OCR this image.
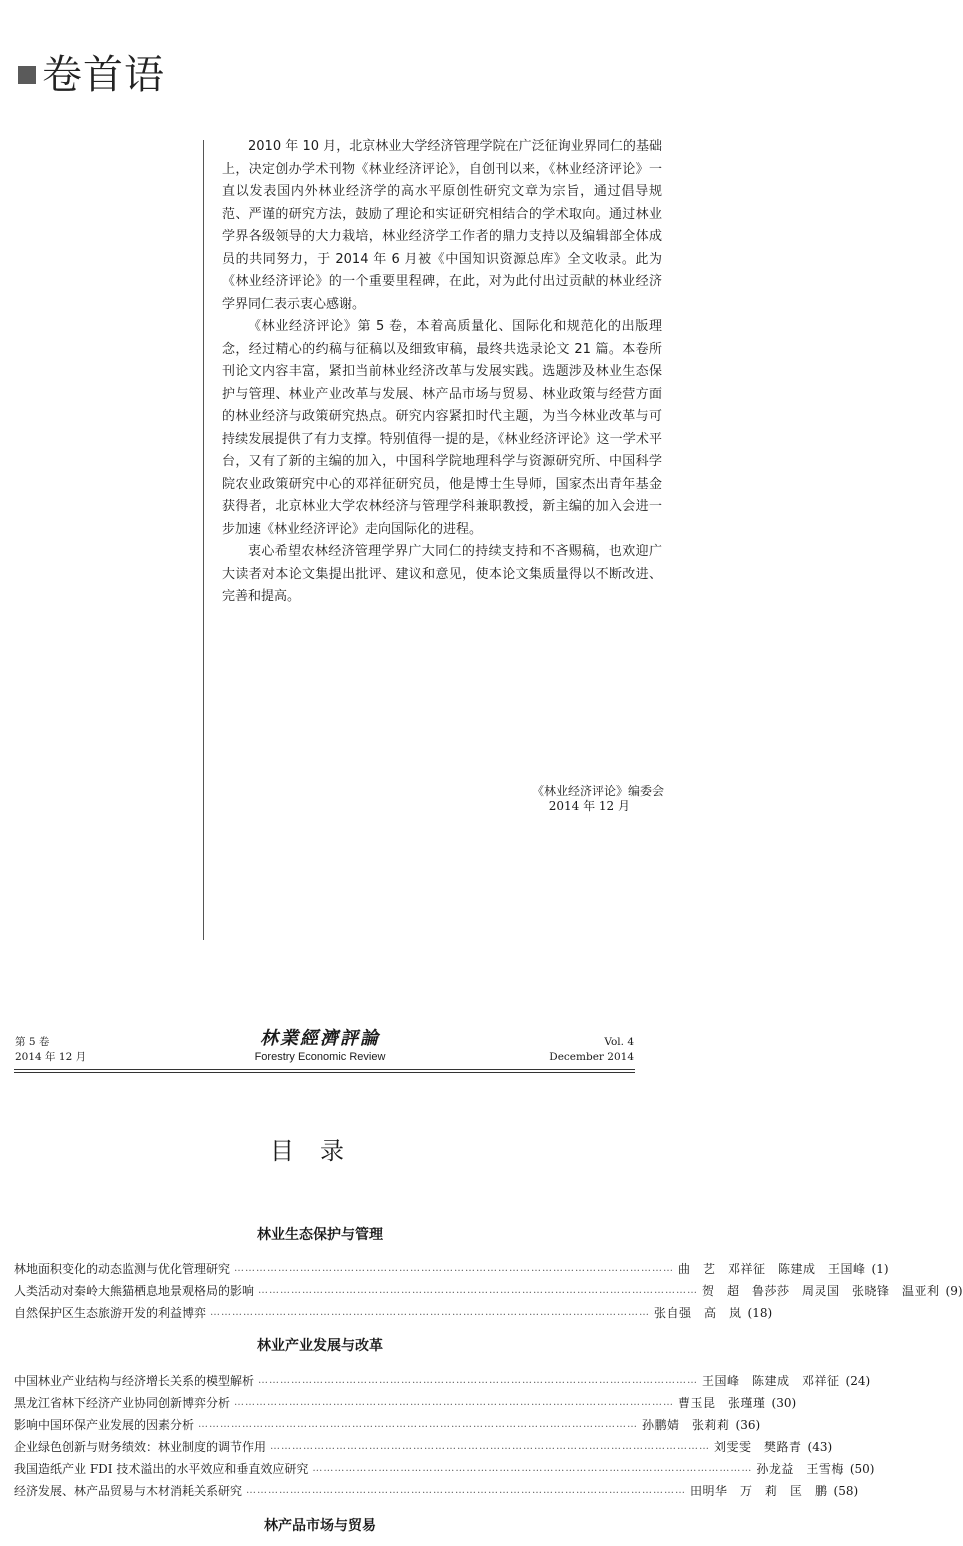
卷首语

2010 年 10 月，北京林业大学经济管理学院在广泛征询业界同仁的基础上，决定创办学术刊物《林业经济评论》，自创刊以来，《林业经济评论》一直以发表国内外林业经济学的高水平原创性研究文章为宗旨，通过倡导规范、严谨的研究方法，鼓励了理论和实证研究相结合的学术取向。通过林业学界各级领导的大力栽培，林业经济学工作者的鼎力支持以及编辑部全体成员的共同努力，于 2014 年 6 月被《中国知识资源总库》全文收录。此为《林业经济评论》的一个重要里程碑，在此，对为此付出过贡献的林业经济学界同仁表示衷心感谢。

《林业经济评论》第 5 卷，本着高质量化、国际化和规范化的出版理念，经过精心的约稿与征稿以及细致审稿，最终共选录论文 21 篇。本卷所刊论文内容丰富，紧扣当前林业经济改革与发展实践。选题涉及林业生态保护与管理、林业产业改革与发展、林产品市场与贸易、林业政策与经营方面的林业经济与政策研究热点。研究内容紧扣时代主题，为当今林业改革与可持续发展提供了有力支撑。特别值得一提的是，《林业经济评论》这一学术平台，又有了新的主编的加入，中国科学院地理科学与资源研究所、中国科学院农业政策研究中心的邓祥征研究员，他是博士生导师，国家杰出青年基金获得者，北京林业大学农林经济与管理学科兼职教授，新主编的加入会进一步加速《林业经济评论》走向国际化的进程。

衷心希望农林经济管理学界广大同仁的持续支持和不吝赐稿，也欢迎广大读者对本论文集提出批评、建议和意见，使本论文集质量得以不断改进、完善和提高。

《林业经济评论》编委会

2014 年 12 月
第 5 卷
2014 年 12 月
林業經濟評論
Forestry Economic Review
Vol. 4
December 2014
目录
林业生态保护与管理
林地面积变化的动态监测与优化管理研究 ………………………………………………………………………………………………………… 曲　艺　邓祥征　陈建成　王国峰 (1)
人类活动对秦岭大熊猫栖息地景观格局的影响 ………………………………………………………………………………………………………… 贺　超　鲁莎莎　周灵国　张晓锋　温亚利 (9)
自然保护区生态旅游开发的利益博弈 ………………………………………………………………………………………………………… 张自强　高　岚 (18)
林业产业发展与改革
中国林业产业结构与经济增长关系的模型解析 ………………………………………………………………………………………………………… 王国峰　陈建成　邓祥征 (24)
黑龙江省林下经济产业协同创新博弈分析 ………………………………………………………………………………………………………… 曹玉昆　张瑾瑾 (30)
影响中国环保产业发展的因素分析 ………………………………………………………………………………………………………… 孙鹏婧　张莉莉 (36)
企业绿色创新与财务绩效：林业制度的调节作用 ………………………………………………………………………………………………………… 刘雯雯　樊路青 (43)
我国造纸产业 FDI 技术溢出的水平效应和垂直效应研究 ………………………………………………………………………………………………………… 孙龙益　王雪梅 (50)
经济发展、林产品贸易与木材消耗关系研究 ………………………………………………………………………………………………………… 田明华　万　莉　匡　鹏 (58)
林产品市场与贸易
